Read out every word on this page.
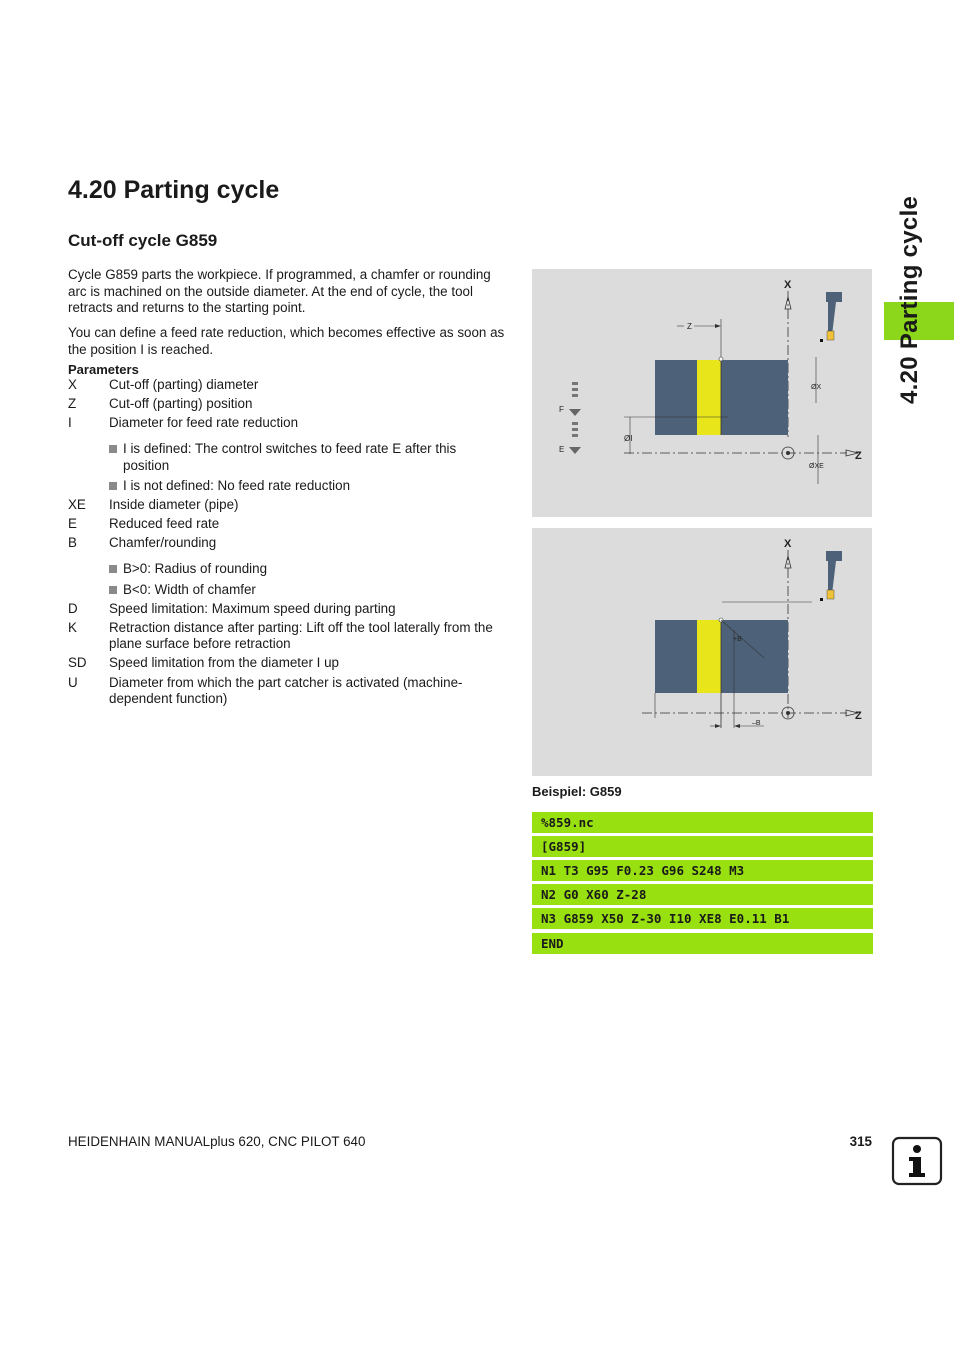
4.20 Parting cycle
4.20 Parting cycle
Cut-off cycle G859

Cycle G859 parts the workpiece. If programmed, a chamfer or rounding arc is machined on the outside diameter. At the end of cycle, the tool retracts and returns to the starting point.

You can define a feed rate reduction, which becomes effective as soon as the position I is reached.

Parameters
X	Cut-off (parting) diameter
Z	Cut-off (parting) position
I	Diameter for feed rate reduction
I is defined: The control switches to feed rate E after this position
I is not defined: No feed rate reduction
XE	Inside diameter (pipe)
E	Reduced feed rate
B	Chamfer/rounding
B>0: Radius of rounding
B<0: Width of chamfer
D	Speed limitation: Maximum speed during parting
K	Retraction distance after parting: Lift off the tool laterally from the plane surface before retraction
SD	Speed limitation from the diameter I up
U	Diameter from which the part catcher is activated (machine-dependent function)
X
Z
ØI
Z
ØX
ØXE
F
E
X
+B
Z
–B
Beispiel: G859
%859.nc
[G859]
N1 T3 G95 F0.23 G96 S248 M3
N2 G0 X60 Z-28
N3 G859 X50 Z-30 I10 XE8 E0.11 B1
END
HEIDENHAIN MANUALplus 620, CNC PILOT 640	315
